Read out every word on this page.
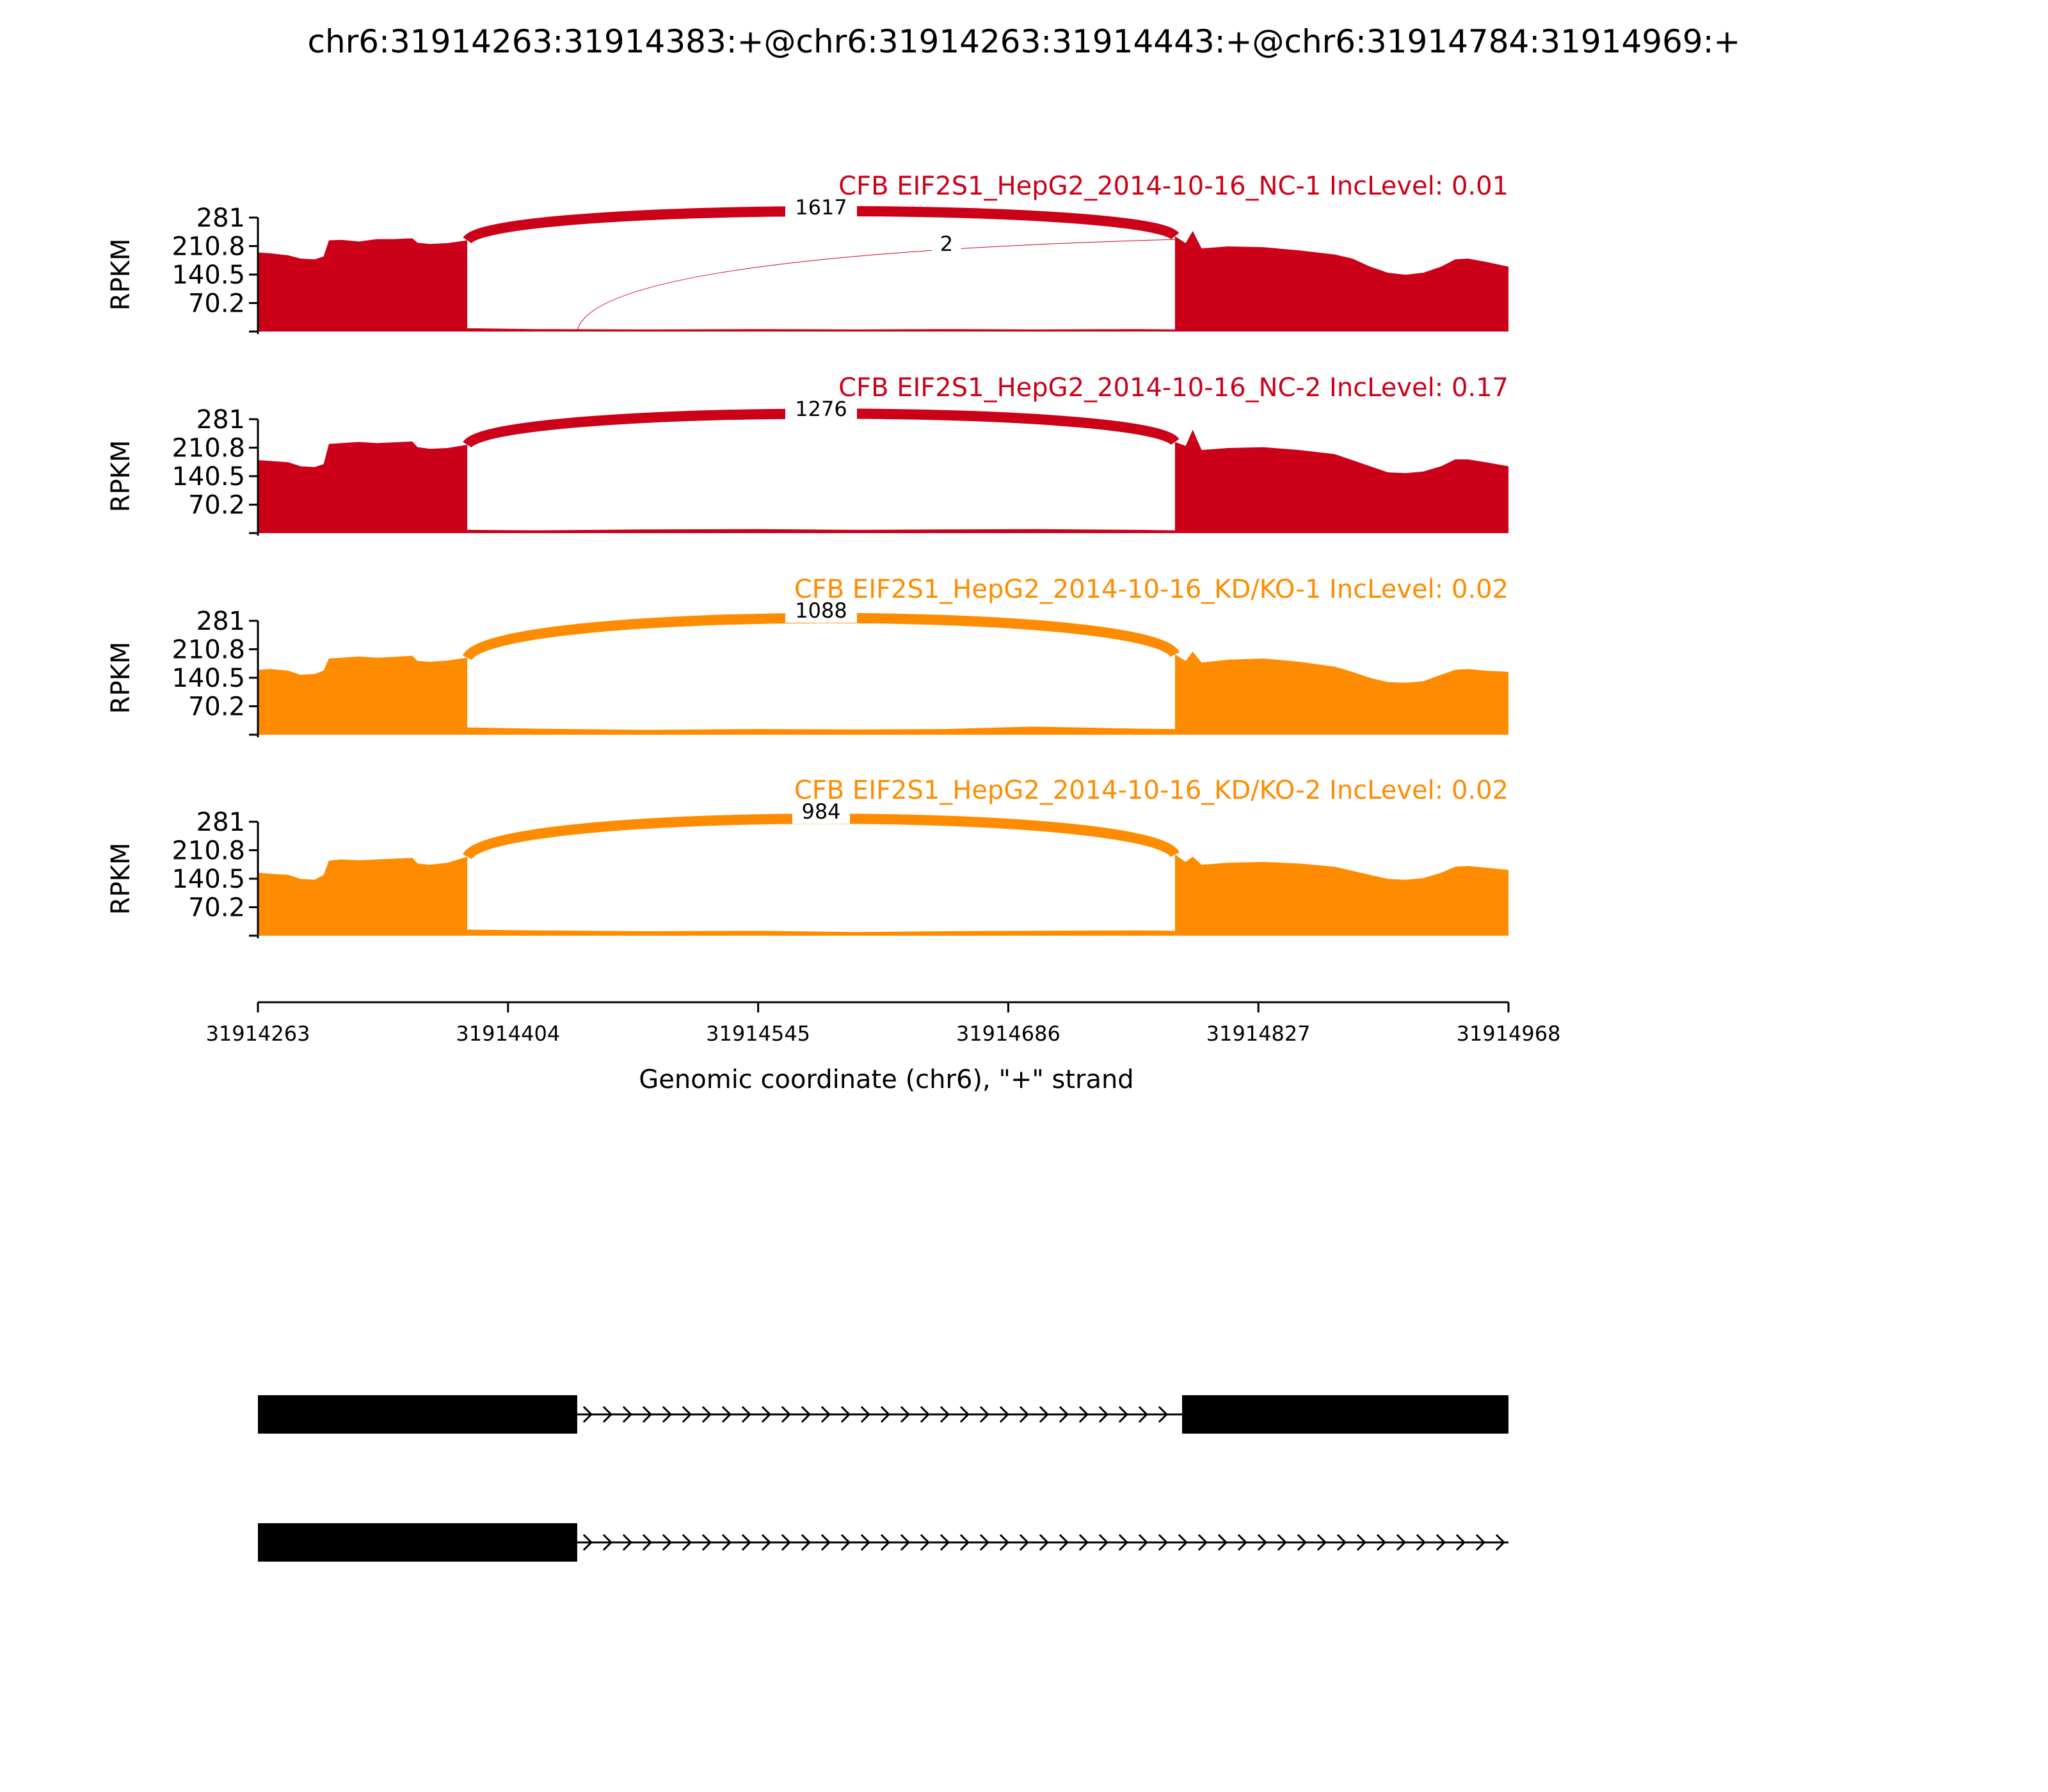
chr6:31914263:31914383:+@chr6:31914263:31914443:+@chr6:31914784:31914969:+
281
210.8
140.5
70.2
RPKM
1617
2
CFB EIF2S1_HepG2_2014-10-16_NC-1 IncLevel: 0.01
281
210.8
140.5
70.2
RPKM
1276
CFB EIF2S1_HepG2_2014-10-16_NC-2 IncLevel: 0.17
281
210.8
140.5
70.2
RPKM
1088
CFB EIF2S1_HepG2_2014-10-16_KD/KO-1 IncLevel: 0.02
281
210.8
140.5
70.2
RPKM
984
CFB EIF2S1_HepG2_2014-10-16_KD/KO-2 IncLevel: 0.02
31914263	31914404	31914545	31914686	31914827	31914968
Genomic coordinate (chr6), "+" strand
